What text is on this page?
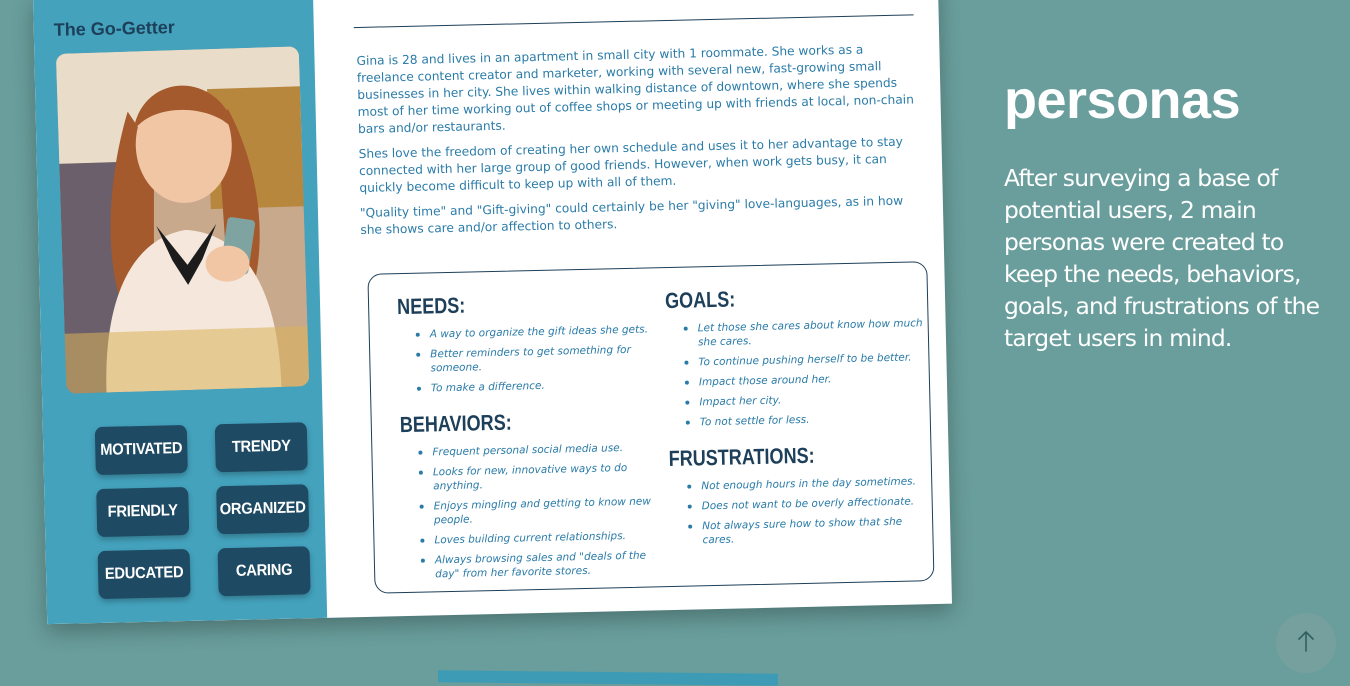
The Go-Getter
MOTIVATED	TRENDY
FRIENDLY	ORGANIZED
EDUCATED	CARING

Gina is 28 and lives in an apartment in small city with 1 roommate. She works as a freelance content creator and marketer, working with several new, fast-growing small businesses in her city. She lives within walking distance of downtown, where she spends most of her time working out of coffee shops or meeting up with friends at local, non-chain bars and/or restaurants.

Shes love the freedom of creating her own schedule and uses it to her advantage to stay connected with her large group of good friends. However, when work gets busy, it can quickly become difficult to keep up with all of them.

"Quality time" and "Gift-giving" could certainly be her "giving" love-languages, as in how she shows care and/or affection to others.

NEEDS:
A way to organize the gift ideas she gets.
Better reminders to get something for someone.
To make a difference.
BEHAVIORS:
Frequent personal social media use.
Looks for new, innovative ways to do anything.
Enjoys mingling and getting to know new people.
Loves building current relationships.
Always browsing sales and "deals of the day" from her favorite stores.
GOALS:
Let those she cares about know how much she cares.
To continue pushing herself to be better.
Impact those around her.
Impact her city.
To not settle for less.
FRUSTRATIONS:
Not enough hours in the day sometimes.
Does not want to be overly affectionate.
Not always sure how to show that she cares.
personas

After surveying a base of potential users, 2 main personas were created to keep the needs, behaviors, goals, and frustrations of the target users in mind.
